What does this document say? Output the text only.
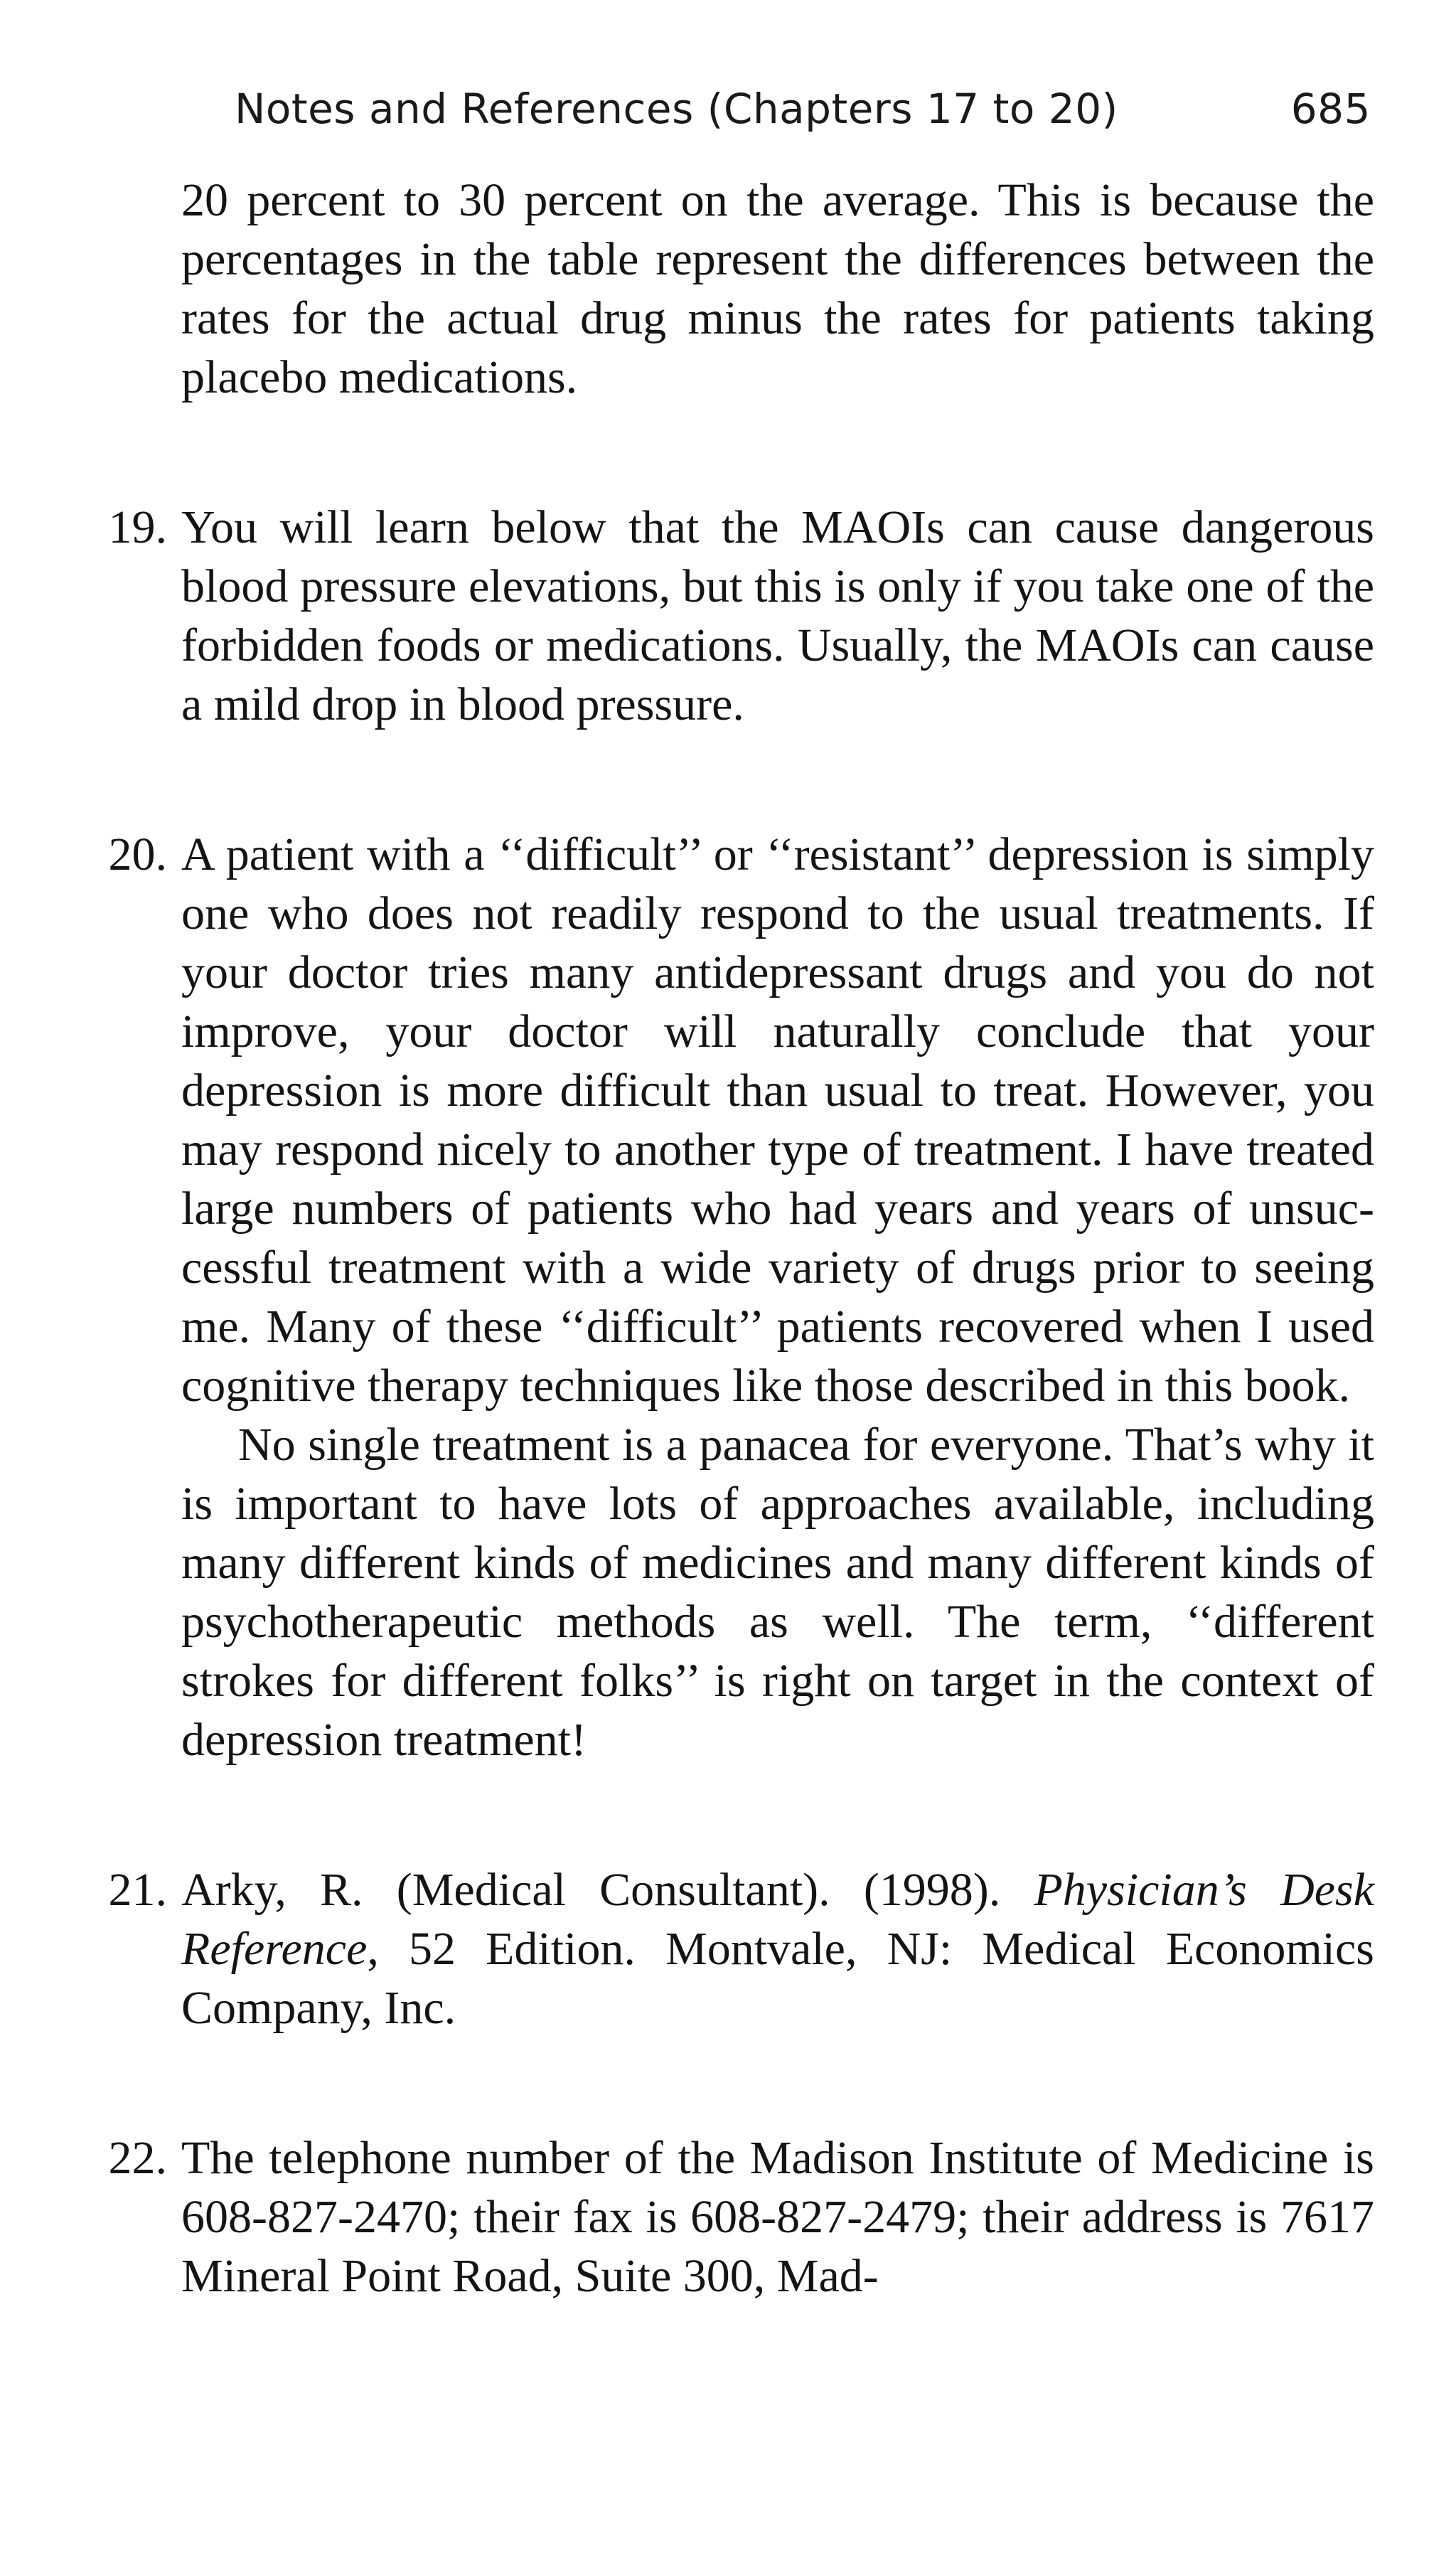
Notes and References (Chapters 17 to 20)	685

20 percent to 30 percent on the average. This is because the percentages in the table represent the differences between the rates for the actual drug minus the rates for patients taking placebo medications.

19. You will learn below that the MAOIs can cause dangerous blood pressure elevations, but this is only if you take one of the forbidden foods or medications. Usually, the MAOIs can cause a mild drop in blood pressure.

20. A patient with a ‘‘difficult’’ or ‘‘resistant’’ depression is simply one who does not readily respond to the usual treatments. If your doctor tries many antidepressant drugs and you do not improve, your doctor will naturally conclude that your depression is more difficult than usual to treat. However, you may respond nicely to another type of treatment. I have treated large numbers of patients who had years and years of unsuccessful treatment with a wide variety of drugs prior to seeing me. Many of these ‘‘difficult’’ patients recovered when I used cognitive therapy techniques like those described in this book.

No single treatment is a panacea for everyone. That’s why it is important to have lots of approaches available, including many different kinds of medicines and many different kinds of psychotherapeutic methods as well. The term, ‘‘different strokes for different folks’’ is right on target in the context of depression treatment!

21. Arky, R. (Medical Consultant). (1998). Physician’s Desk Reference, 52 Edition. Montvale, NJ: Medical Economics Company, Inc.

22. The telephone number of the Madison Institute of Medicine is 608-827-2470; their fax is 608-827-2479; their address is 7617 Mineral Point Road, Suite 300, Mad-
